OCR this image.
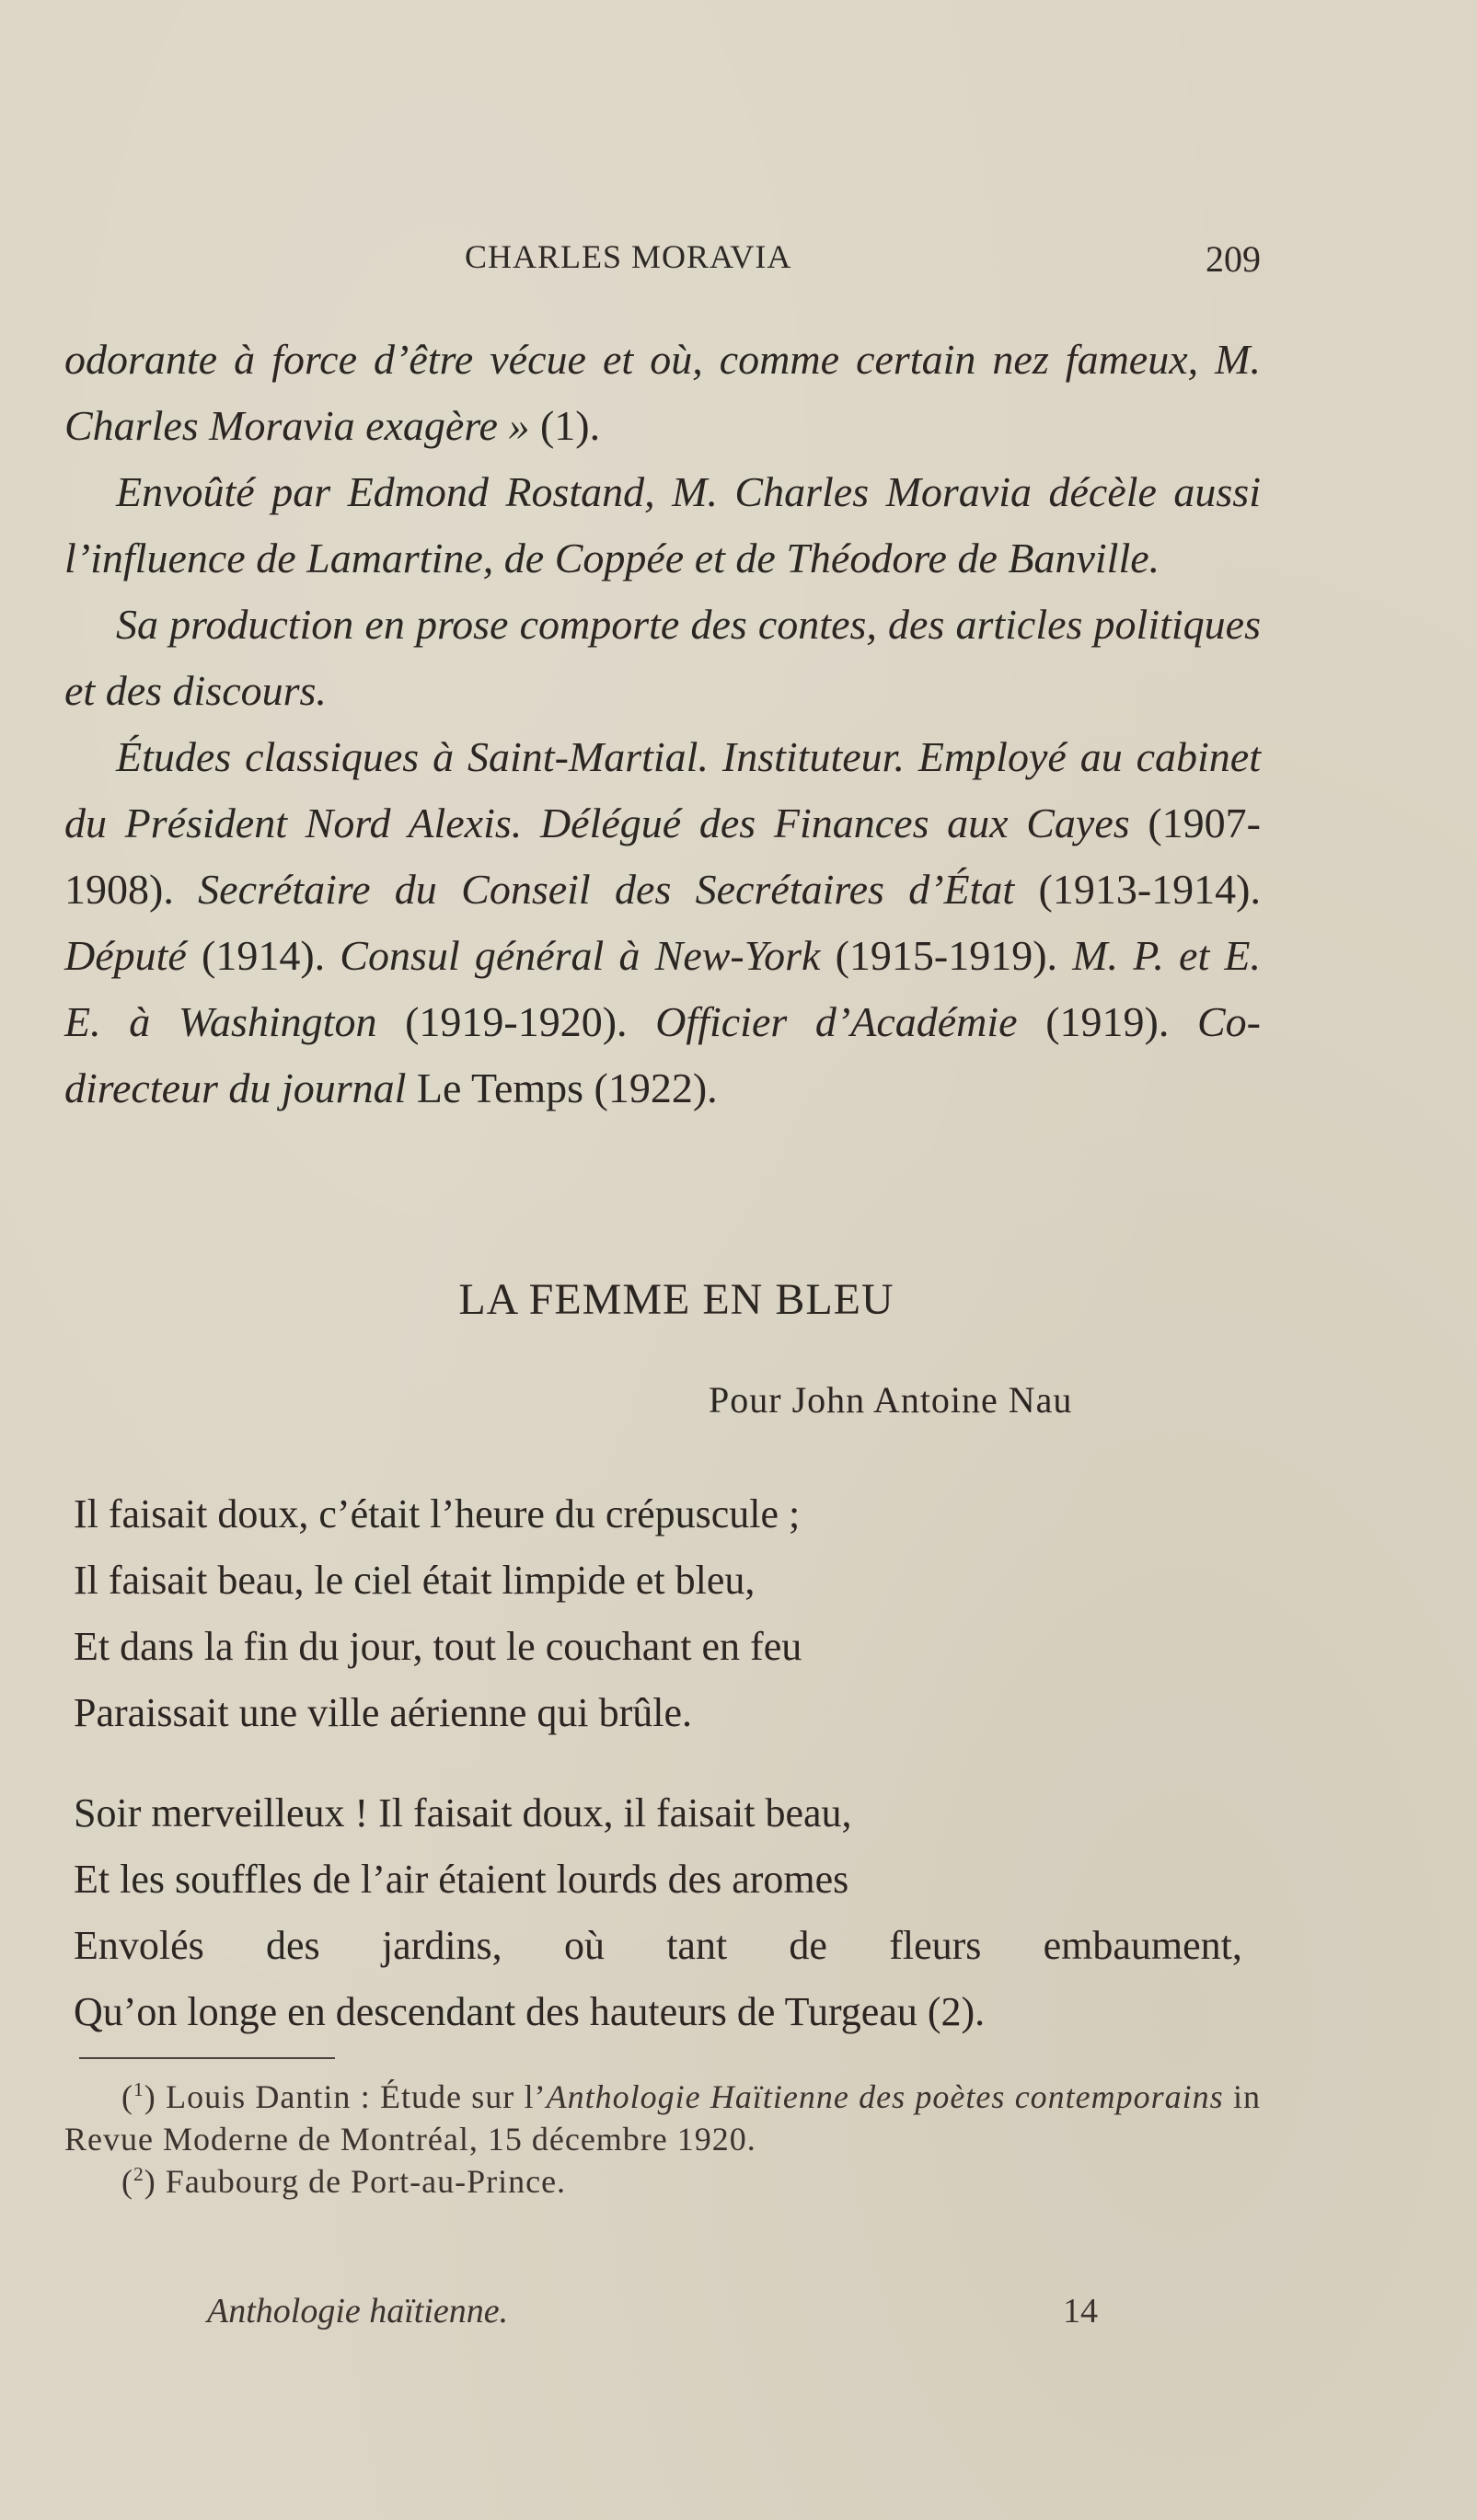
CHARLES MORAVIA	209

odorante à force d’être vécue et où, comme certain nez fameux, M. Charles Moravia exagère » (1).

Envoûté par Edmond Rostand, M. Charles Moravia décèle aussi l’influence de Lamartine, de Coppée et de Théodore de Banville.

Sa production en prose comporte des contes, des articles politiques et des discours.

Études classiques à Saint-Martial. Instituteur. Employé au cabinet du Président Nord Alexis. Délégué des Finances aux Cayes (1907-1908). Secrétaire du Conseil des Secrétaires d’État (1913-1914). Député (1914). Consul général à New-York (1915-1919). M. P. et E. E. à Washington (1919-1920). Officier d’Académie (1919). Co-directeur du journal Le Temps (1922).

LA FEMME EN BLEU
Pour John Antoine Nau
Il faisait doux, c’était l’heure du crépuscule ;
Il faisait beau, le ciel était limpide et bleu,
Et dans la fin du jour, tout le couchant en feu
Paraissait une ville aérienne qui brûle.
Soir merveilleux ! Il faisait doux, il faisait beau,
Et les souffles de l’air étaient lourds des aromes
Envolés des jardins, où tant de fleurs embaument,
Qu’on longe en descendant des hauteurs de Turgeau (2).

($^1$) Louis Dantin : Étude sur l’Anthologie Haïtienne des poètes contemporains in Revue Moderne de Montréal, 15 décembre 1920.

($^2$) Faubourg de Port-au-Prince.

Anthologie haïtienne.	14
